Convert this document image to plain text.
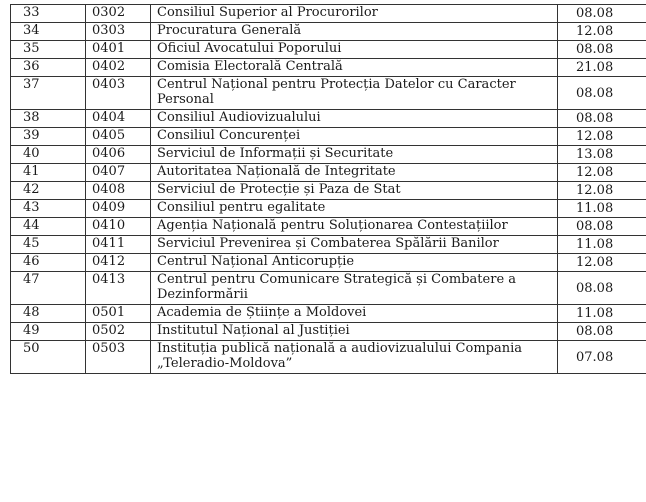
33	0302	Consiliul Superior al Procurorilor	08.08
34	0303	Procuratura Generală	12.08
35	0401	Oficiul Avocatului Poporului	08.08
36	0402	Comisia Electorală Centrală	21.08
37	0403	Centrul Național pentru Protecția Datelor cu Caracter Personal	08.08
38	0404	Consiliul Audiovizualului	08.08
39	0405	Consiliul Concurenței	12.08
40	0406	Serviciul de Informații și Securitate	13.08
41	0407	Autoritatea Națională de Integritate	12.08
42	0408	Serviciul de Protecție și Paza de Stat	12.08
43	0409	Consiliul pentru egalitate	11.08
44	0410	Agenția Națională pentru Soluționarea Contestațiilor	08.08
45	0411	Serviciul Prevenirea și Combaterea Spălării Banilor	11.08
46	0412	Centrul Național Anticorupție	12.08
47	0413	Centrul pentru Comunicare Strategică și Combatere a Dezinformării	08.08
48	0501	Academia de Științe a Moldovei	11.08
49	0502	Institutul Național al Justiției	08.08
50	0503	Instituția publică națională a audiovizualului Compania „Teleradio-Moldova”	07.08
